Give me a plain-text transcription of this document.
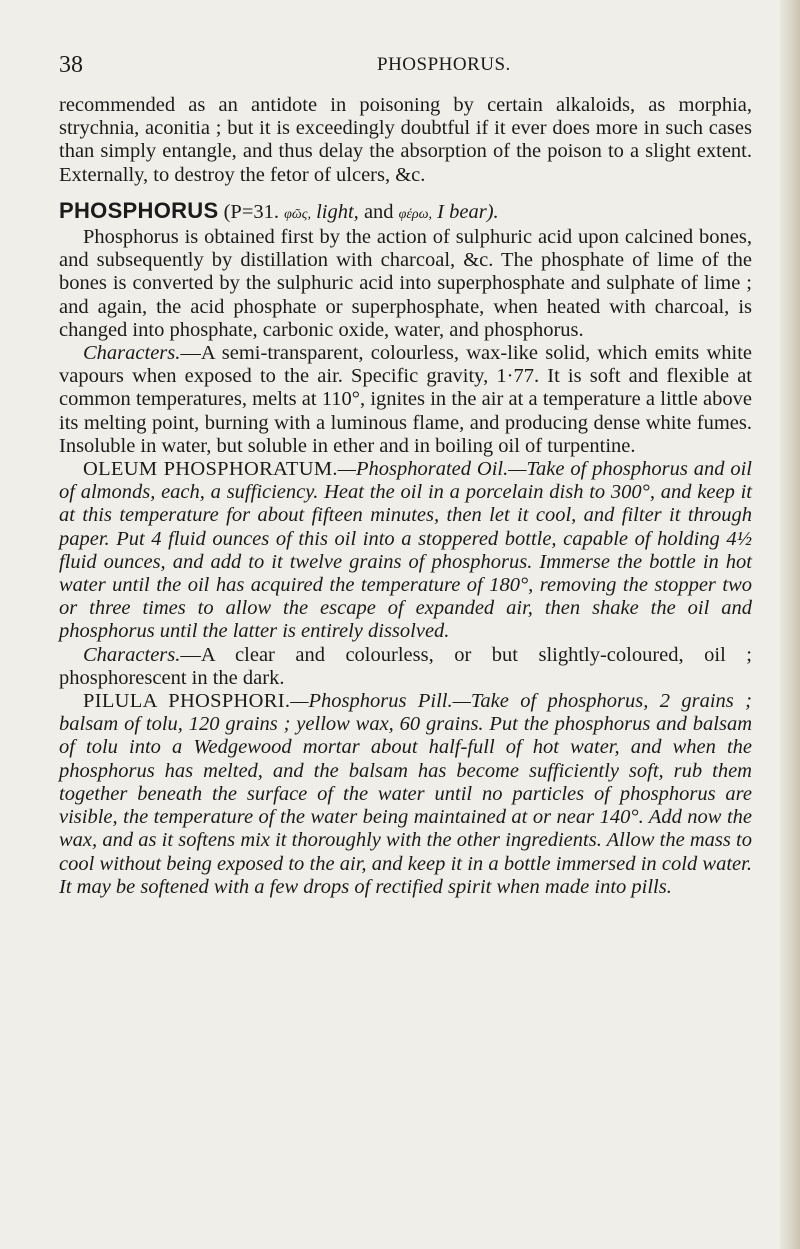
38	PHOSPHORUS.

recommended as an antidote in poisoning by certain alkaloids, as morphia, strychnia, aconitia ; but it is exceedingly doubtful if it ever does more in such cases than simply entangle, and thus delay the absorption of the poison to a slight extent. Externally, to destroy the fetor of ulcers, &c.

PHOSPHORUS (P=31. φῶς, light, and φέρω, I bear).

Phosphorus is obtained first by the action of sulphuric acid upon calcined bones, and subsequently by distillation with charcoal, &c. The phosphate of lime of the bones is converted by the sulphuric acid into superphosphate and sulphate of lime ; and again, the acid phosphate or superphosphate, when heated with charcoal, is changed into phosphate, carbonic oxide, water, and phosphorus.

Characters.—A semi-transparent, colourless, wax-like solid, which emits white vapours when exposed to the air. Specific gravity, 1·77. It is soft and flexible at common temperatures, melts at 110°, ignites in the air at a temperature a little above its melting point, burning with a luminous flame, and producing dense white fumes. Insoluble in water, but soluble in ether and in boiling oil of turpentine.

OLEUM PHOSPHORATUM.—Phosphorated Oil.—Take of phosphorus and oil of almonds, each, a sufficiency. Heat the oil in a porcelain dish to 300°, and keep it at this temperature for about fifteen minutes, then let it cool, and filter it through paper. Put 4 fluid ounces of this oil into a stoppered bottle, capable of holding 4½ fluid ounces, and add to it twelve grains of phosphorus. Immerse the bottle in hot water until the oil has acquired the temperature of 180°, removing the stopper two or three times to allow the escape of expanded air, then shake the oil and phosphorus until the latter is entirely dissolved.

Characters.—A clear and colourless, or but slightly-coloured, oil ; phosphorescent in the dark.

PILULA PHOSPHORI.—Phosphorus Pill.—Take of phosphorus, 2 grains ; balsam of tolu, 120 grains ; yellow wax, 60 grains. Put the phosphorus and balsam of tolu into a Wedgewood mortar about half-full of hot water, and when the phosphorus has melted, and the balsam has become sufficiently soft, rub them together beneath the surface of the water until no particles of phosphorus are visible, the temperature of the water being maintained at or near 140°. Add now the wax, and as it softens mix it thoroughly with the other ingredients. Allow the mass to cool without being exposed to the air, and keep it in a bottle immersed in cold water. It may be softened with a few drops of rectified spirit when made into pills.
